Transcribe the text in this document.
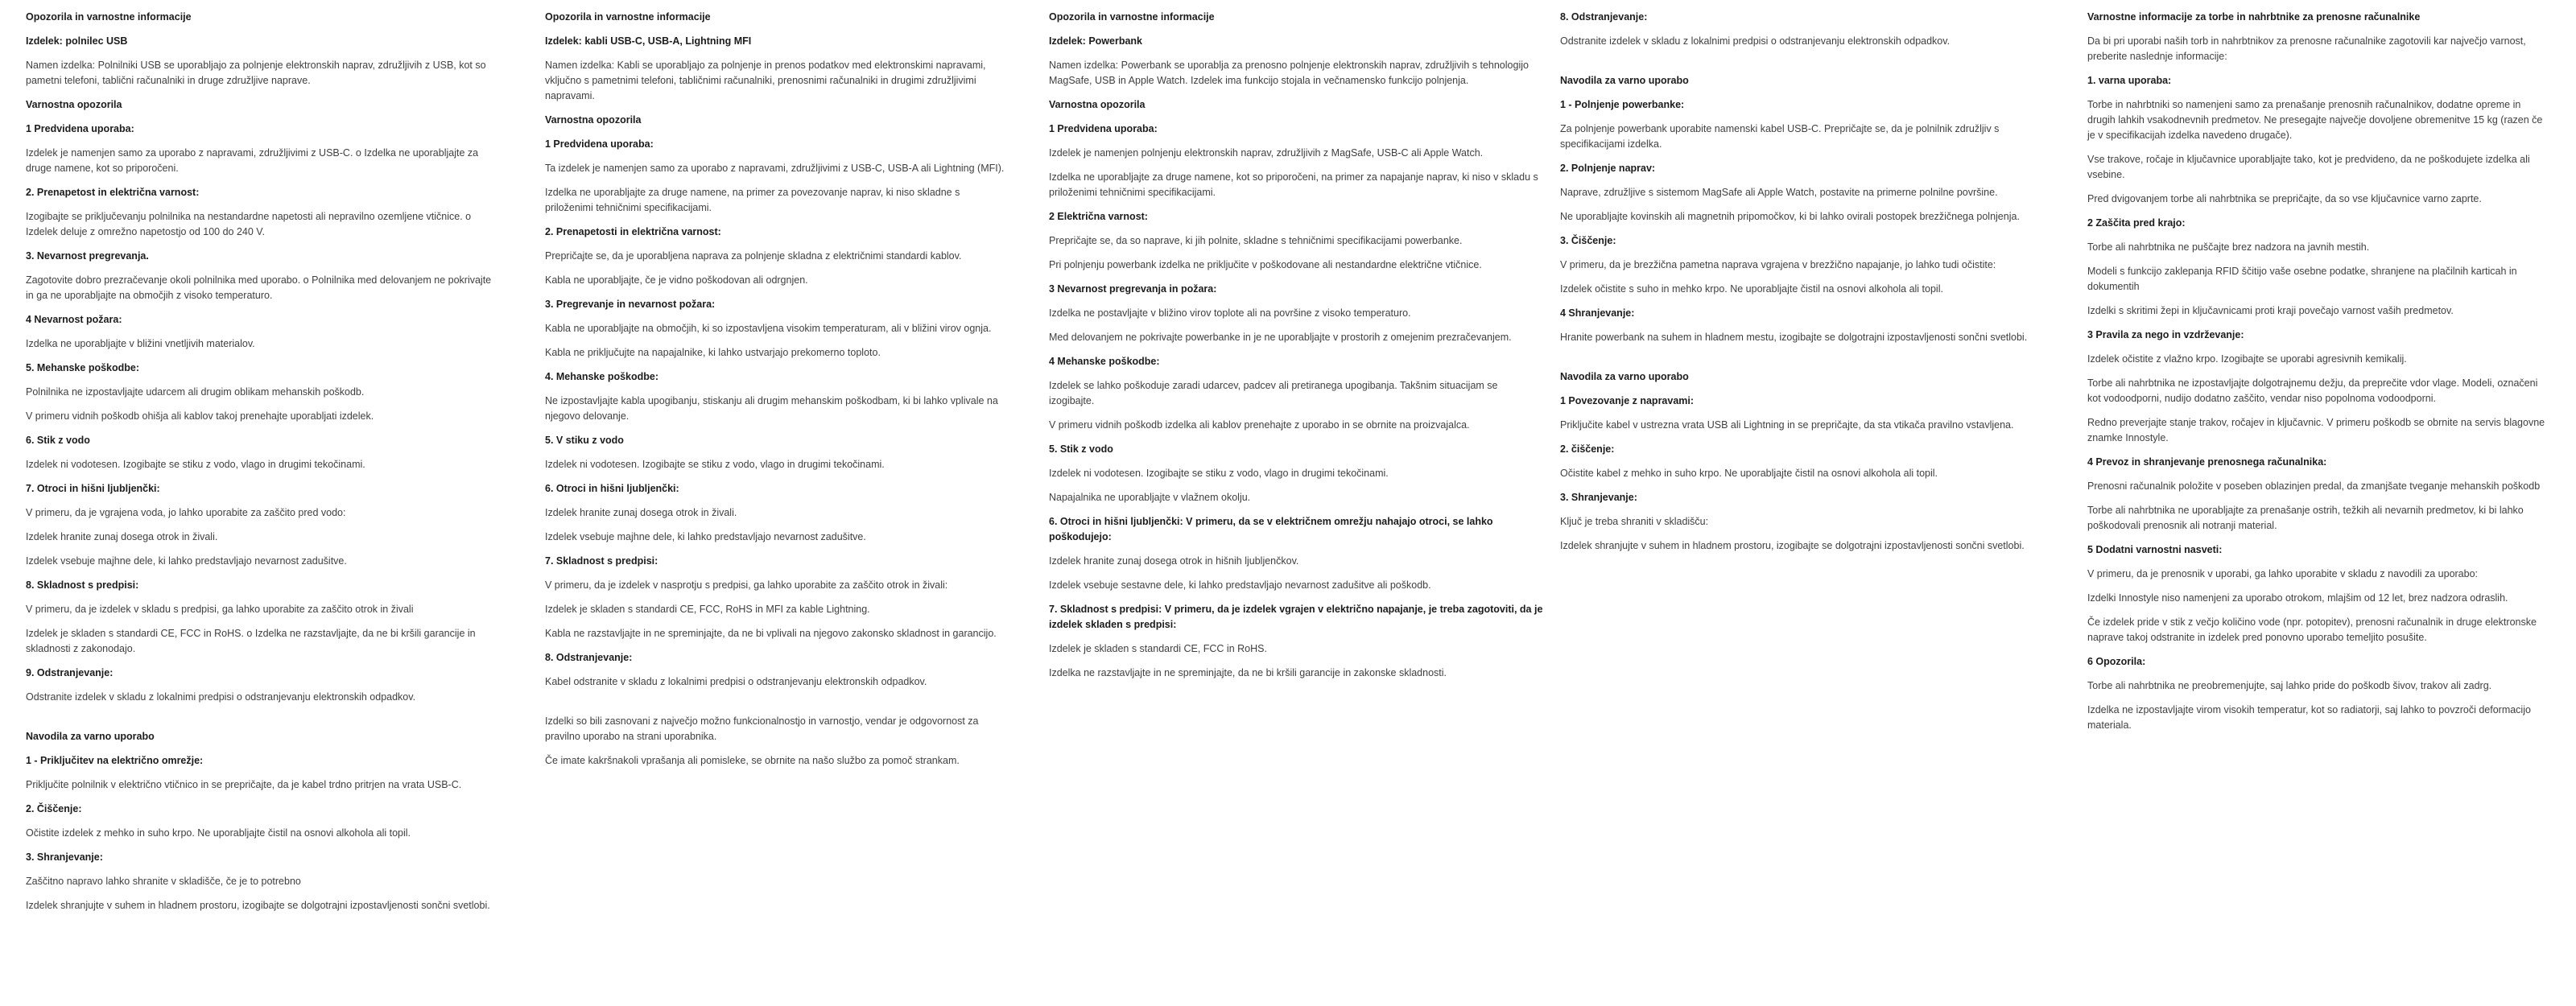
Opozorila in varnostne informacije
Izdelek: polnilec USB
Namen izdelka: Polnilniki USB se uporabljajo za polnjenje elektronskih naprav, združljivih z USB, kot so pametni telefoni, tablični računalniki in druge združljive naprave.
Varnostna opozorila
1 Predvidena uporaba:
Izdelek je namenjen samo za uporabo z napravami, združljivimi z USB-C. o Izdelka ne uporabljajte za druge namene, kot so priporočeni.
2. Prenapetost in električna varnost:
Izogibajte se priključevanju polnilnika na nestandardne napetosti ali nepravilno ozemljene vtičnice. o Izdelek deluje z omrežno napetostjo od 100 do 240 V.
3. Nevarnost pregrevanja.
Zagotovite dobro prezračevanje okoli polnilnika med uporabo. o Polnilnika med delovanjem ne pokrivajte in ga ne uporabljajte na območjih z visoko temperaturo.
4 Nevarnost požara:
Izdelka ne uporabljajte v bližini vnetljivih materialov.
5. Mehanske poškodbe:
Polnilnika ne izpostavljajte udarcem ali drugim oblikam mehanskih poškodb.
V primeru vidnih poškodb ohišja ali kablov takoj prenehajte uporabljati izdelek.
6. Stik z vodo
Izdelek ni vodotesen. Izogibajte se stiku z vodo, vlago in drugimi tekočinami.
7. Otroci in hišni ljubljenčki:
V primeru, da je vgrajena voda, jo lahko uporabite za zaščito pred vodo:
Izdelek hranite zunaj dosega otrok in živali.
Izdelek vsebuje majhne dele, ki lahko predstavljajo nevarnost zadušitve.
8. Skladnost s predpisi:
V primeru, da je izdelek v skladu s predpisi, ga lahko uporabite za zaščito otrok in živali
Izdelek je skladen s standardi CE, FCC in RoHS. o Izdelka ne razstavljajte, da ne bi kršili garancije in skladnosti z zakonodajo.
9. Odstranjevanje:
Odstranite izdelek v skladu z lokalnimi predpisi o odstranjevanju elektronskih odpadkov.
Navodila za varno uporabo
1 - Priključitev na električno omrežje:
Priključite polnilnik v električno vtičnico in se prepričajte, da je kabel trdno pritrjen na vrata USB-C.
2. Čiščenje:
Očistite izdelek z mehko in suho krpo. Ne uporabljajte čistil na osnovi alkohola ali topil.
3. Shranjevanje:
Zaščitno napravo lahko shranite v skladišče, če je to potrebno
Izdelek shranjujte v suhem in hladnem prostoru, izogibajte se dolgotrajni izpostavljenosti sončni svetlobi.
Opozorila in varnostne informacije
Izdelek: kabli USB-C, USB-A, Lightning MFI
Namen izdelka: Kabli se uporabljajo za polnjenje in prenos podatkov med elektronskimi napravami, vključno s pametnimi telefoni, tabličnimi računalniki, prenosnimi računalniki in drugimi združljivimi napravami.
Varnostna opozorila
1 Predvidena uporaba:
Ta izdelek je namenjen samo za uporabo z napravami, združljivimi z USB-C, USB-A ali Lightning (MFI).
Izdelka ne uporabljajte za druge namene, na primer za povezovanje naprav, ki niso skladne s priloženimi tehničnimi specifikacijami.
2. Prenapetosti in električna varnost:
Prepričajte se, da je uporabljena naprava za polnjenje skladna z električnimi standardi kablov.
Kabla ne uporabljajte, če je vidno poškodovan ali odrgnjen.
3. Pregrevanje in nevarnost požara:
Kabla ne uporabljajte na območjih, ki so izpostavljena visokim temperaturam, ali v bližini virov ognja.
Kabla ne priključujte na napajalnike, ki lahko ustvarjajo prekomerno toploto.
4. Mehanske poškodbe:
Ne izpostavljajte kabla upogibanju, stiskanju ali drugim mehanskim poškodbam, ki bi lahko vplivale na njegovo delovanje.
5. V stiku z vodo
Izdelek ni vodotesen. Izogibajte se stiku z vodo, vlago in drugimi tekočinami.
6. Otroci in hišni ljubljenčki:
Izdelek hranite zunaj dosega otrok in živali.
Izdelek vsebuje majhne dele, ki lahko predstavljajo nevarnost zadušitve.
7. Skladnost s predpisi:
V primeru, da je izdelek v nasprotju s predpisi, ga lahko uporabite za zaščito otrok in živali:
Izdelek je skladen s standardi CE, FCC, RoHS in MFI za kable Lightning.
Kabla ne razstavljajte in ne spreminjajte, da ne bi vplivali na njegovo zakonsko skladnost in garancijo.
8. Odstranjevanje:
Kabel odstranite v skladu z lokalnimi predpisi o odstranjevanju elektronskih odpadkov.
Izdelki so bili zasnovani z največjo možno funkcionalnostjo in varnostjo, vendar je odgovornost za pravilno uporabo na strani uporabnika.
Če imate kakršnakoli vprašanja ali pomisleke, se obrnite na našo službo za pomoč strankam.
Opozorila in varnostne informacije
Izdelek: Powerbank
Namen izdelka: Powerbank se uporablja za prenosno polnjenje elektronskih naprav, združljivih s tehnologijo MagSafe, USB in Apple Watch. Izdelek ima funkcijo stojala in večnamensko funkcijo polnjenja.
Varnostna opozorila
1 Predvidena uporaba:
Izdelek je namenjen polnjenju elektronskih naprav, združljivih z MagSafe, USB-C ali Apple Watch.
Izdelka ne uporabljajte za druge namene, kot so priporočeni, na primer za napajanje naprav, ki niso v skladu s priloženimi tehničnimi specifikacijami.
2 Električna varnost:
Prepričajte se, da so naprave, ki jih polnite, skladne s tehničnimi specifikacijami powerbanke.
Pri polnjenju powerbank izdelka ne priključite v poškodovane ali nestandardne električne vtičnice.
3 Nevarnost pregrevanja in požara:
Izdelka ne postavljajte v bližino virov toplote ali na površine z visoko temperaturo.
Med delovanjem ne pokrivajte powerbanke in je ne uporabljajte v prostorih z omejenim prezračevanjem.
4 Mehanske poškodbe:
Izdelek se lahko poškoduje zaradi udarcev, padcev ali pretiranega upogibanja. Takšnim situacijam se izogibajte.
V primeru vidnih poškodb izdelka ali kablov prenehajte z uporabo in se obrnite na proizvajalca.
5. Stik z vodo
Izdelek ni vodotesen. Izogibajte se stiku z vodo, vlago in drugimi tekočinami.
Napajalnika ne uporabljajte v vlažnem okolju.
6. Otroci in hišni ljubljenčki: V primeru, da se v električnem omrežju nahajajo otroci, se lahko poškodujejo:
Izdelek hranite zunaj dosega otrok in hišnih ljubljenčkov.
Izdelek vsebuje sestavne dele, ki lahko predstavljajo nevarnost zadušitve ali poškodb.
7. Skladnost s predpisi: V primeru, da je izdelek vgrajen v električno napajanje, je treba zagotoviti, da je izdelek skladen s predpisi:
Izdelek je skladen s standardi CE, FCC in RoHS.
Izdelka ne razstavljajte in ne spreminjajte, da ne bi kršili garancije in zakonske skladnosti.
8. Odstranjevanje:
Odstranite izdelek v skladu z lokalnimi predpisi o odstranjevanju elektronskih odpadkov.
Navodila za varno uporabo
1 - Polnjenje powerbanke:
Za polnjenje powerbank uporabite namenski kabel USB-C. Prepričajte se, da je polnilnik združljiv s specifikacijami izdelka.
2. Polnjenje naprav:
Naprave, združljive s sistemom MagSafe ali Apple Watch, postavite na primerne polnilne površine.
Ne uporabljajte kovinskih ali magnetnih pripomočkov, ki bi lahko ovirali postopek brezžičnega polnjenja.
3. Čiščenje:
V primeru, da je brezžična pametna naprava vgrajena v brezžično napajanje, jo lahko tudi očistite:
Izdelek očistite s suho in mehko krpo. Ne uporabljajte čistil na osnovi alkohola ali topil.
4 Shranjevanje:
Hranite powerbank na suhem in hladnem mestu, izogibajte se dolgotrajni izpostavljenosti sončni svetlobi.
Navodila za varno uporabo
1 Povezovanje z napravami:
Priključite kabel v ustrezna vrata USB ali Lightning in se prepričajte, da sta vtikača pravilno vstavljena.
2. čiščenje:
Očistite kabel z mehko in suho krpo. Ne uporabljajte čistil na osnovi alkohola ali topil.
3. Shranjevanje:
Ključ je treba shraniti v skladišču:
Izdelek shranjujte v suhem in hladnem prostoru, izogibajte se dolgotrajni izpostavljenosti sončni svetlobi.
Varnostne informacije za torbe in nahrbtnike za prenosne računalnike
Da bi pri uporabi naših torb in nahrbtnikov za prenosne računalnike zagotovili kar največjo varnost, preberite naslednje informacije:
1. varna uporaba:
Torbe in nahrbtniki so namenjeni samo za prenašanje prenosnih računalnikov, dodatne opreme in drugih lahkih vsakodnevnih predmetov. Ne presegajte največje dovoljene obremenitve 15 kg (razen če je v specifikacijah izdelka navedeno drugače).
Vse trakove, ročaje in ključavnice uporabljajte tako, kot je predvideno, da ne poškodujete izdelka ali vsebine.
Pred dvigovanjem torbe ali nahrbtnika se prepričajte, da so vse ključavnice varno zaprte.
2 Zaščita pred krajo:
Torbe ali nahrbtnika ne puščajte brez nadzora na javnih mestih.
Modeli s funkcijo zaklepanja RFID ščitijo vaše osebne podatke, shranjene na plačilnih karticah in dokumentih
Izdelki s skritimi žepi in ključavnicami proti kraji povečajo varnost vaših predmetov.
3 Pravila za nego in vzdrževanje:
Izdelek očistite z vlažno krpo. Izogibajte se uporabi agresivnih kemikalij.
Torbe ali nahrbtnika ne izpostavljajte dolgotrajnemu dežju, da preprečite vdor vlage. Modeli, označeni kot vodoodporni, nudijo dodatno zaščito, vendar niso popolnoma vodoodporni.
Redno preverjajte stanje trakov, ročajev in ključavnic. V primeru poškodb se obrnite na servis blagovne znamke Innostyle.
4 Prevoz in shranjevanje prenosnega računalnika:
Prenosni računalnik položite v poseben oblazinjen predal, da zmanjšate tveganje mehanskih poškodb
Torbe ali nahrbtnika ne uporabljajte za prenašanje ostrih, težkih ali nevarnih predmetov, ki bi lahko poškodovali prenosnik ali notranji material.
5 Dodatni varnostni nasveti:
V primeru, da je prenosnik v uporabi, ga lahko uporabite v skladu z navodili za uporabo:
Izdelki Innostyle niso namenjeni za uporabo otrokom, mlajšim od 12 let, brez nadzora odraslih.
Če izdelek pride v stik z večjo količino vode (npr. potopitev), prenosni računalnik in druge elektronske naprave takoj odstranite in izdelek pred ponovno uporabo temeljito posušite.
6 Opozorila:
Torbe ali nahrbtnika ne preobremenjujte, saj lahko pride do poškodb šivov, trakov ali zadrg.
Izdelka ne izpostavljajte virom visokih temperatur, kot so radiatorji, saj lahko to povzroči deformacijo materiala.
